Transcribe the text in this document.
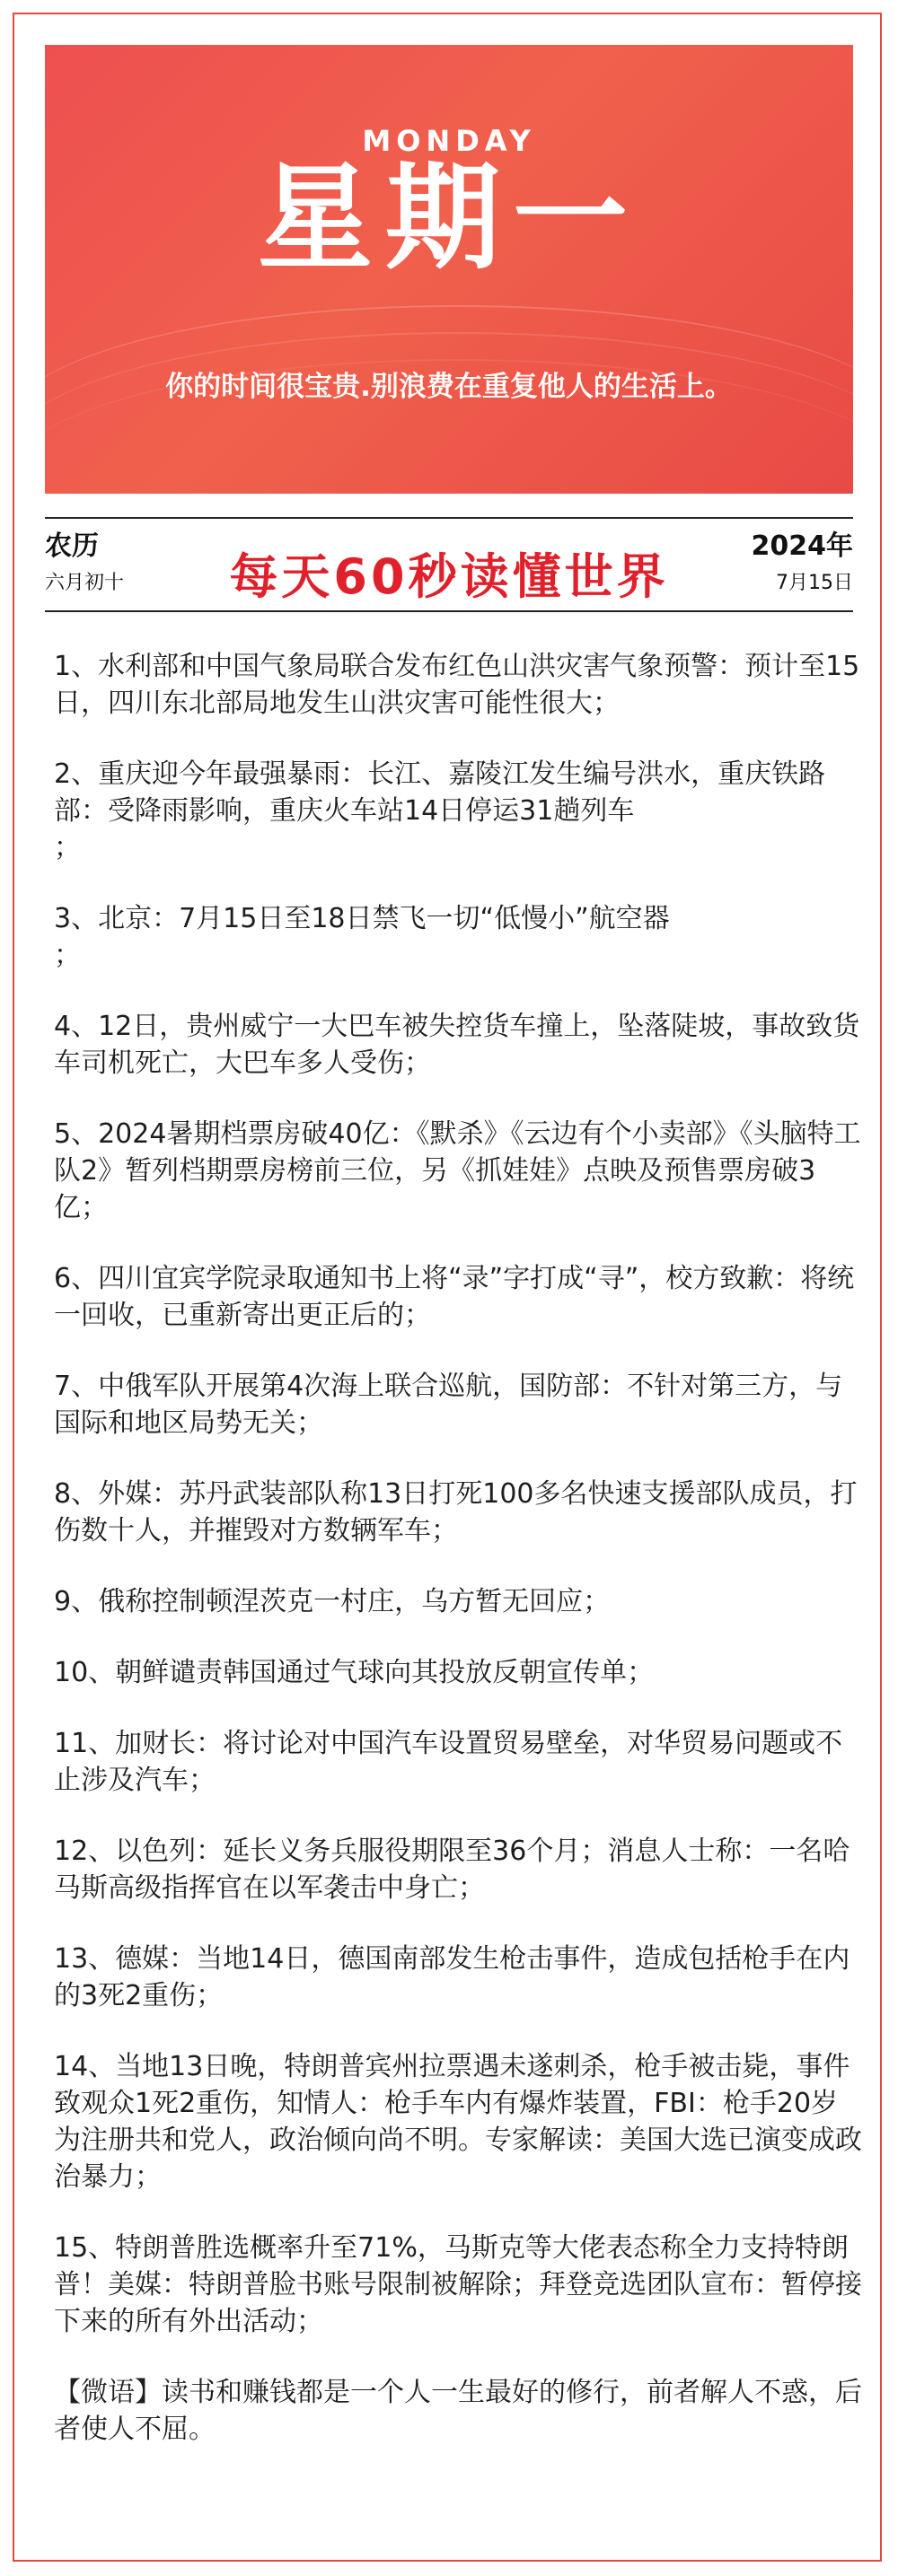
MONDAY
星期一
你的时间很宝贵.别浪费在重复他人的生活上。
农历
六月初十	每天60秒读懂世界
2024年
7月15日
1、水利部和中国气象局联合发布红色山洪灾害气象预警：预计至15日，四川东北部局地发生山洪灾害可能性很大；
2、重庆迎今年最强暴雨：长江、嘉陵江发生编号洪水，重庆铁路部：受降雨影响，重庆火车站14日停运31趟列车
；
3、北京：7月15日至18日禁飞一切“低慢小”航空器
；
4、12日，贵州威宁一大巴车被失控货车撞上，坠落陡坡，事故致货车司机死亡，大巴车多人受伤；
5、2024暑期档票房破40亿：《默杀》《云边有个小卖部》《头脑特工队2》暂列档期票房榜前三位，另《抓娃娃》点映及预售票房破3亿；
6、四川宜宾学院录取通知书上将“录”字打成“寻”，校方致歉：将统一回收，已重新寄出更正后的；
7、中俄军队开展第4次海上联合巡航，国防部：不针对第三方，与国际和地区局势无关；
8、外媒：苏丹武装部队称13日打死100多名快速支援部队成员，打伤数十人，并摧毁对方数辆军车；
9、俄称控制顿涅茨克一村庄，乌方暂无回应；
10、朝鲜谴责韩国通过气球向其投放反朝宣传单；
11、加财长：将讨论对中国汽车设置贸易壁垒，对华贸易问题或不止涉及汽车；
12、以色列：延长义务兵服役期限至36个月；消息人士称：一名哈马斯高级指挥官在以军袭击中身亡；
13、德媒：当地14日，德国南部发生枪击事件，造成包括枪手在内的3死2重伤；
14、当地13日晚，特朗普宾州拉票遇未遂刺杀，枪手被击毙，事件致观众1死2重伤，知情人：枪手车内有爆炸装置，FBI：枪手20岁为注册共和党人，政治倾向尚不明。专家解读：美国大选已演变成政治暴力；
15、特朗普胜选概率升至71%，马斯克等大佬表态称全力支持特朗普！美媒：特朗普脸书账号限制被解除；拜登竞选团队宣布：暂停接下来的所有外出活动；
【微语】读书和赚钱都是一个人一生最好的修行，前者解人不惑，后者使人不屈。
